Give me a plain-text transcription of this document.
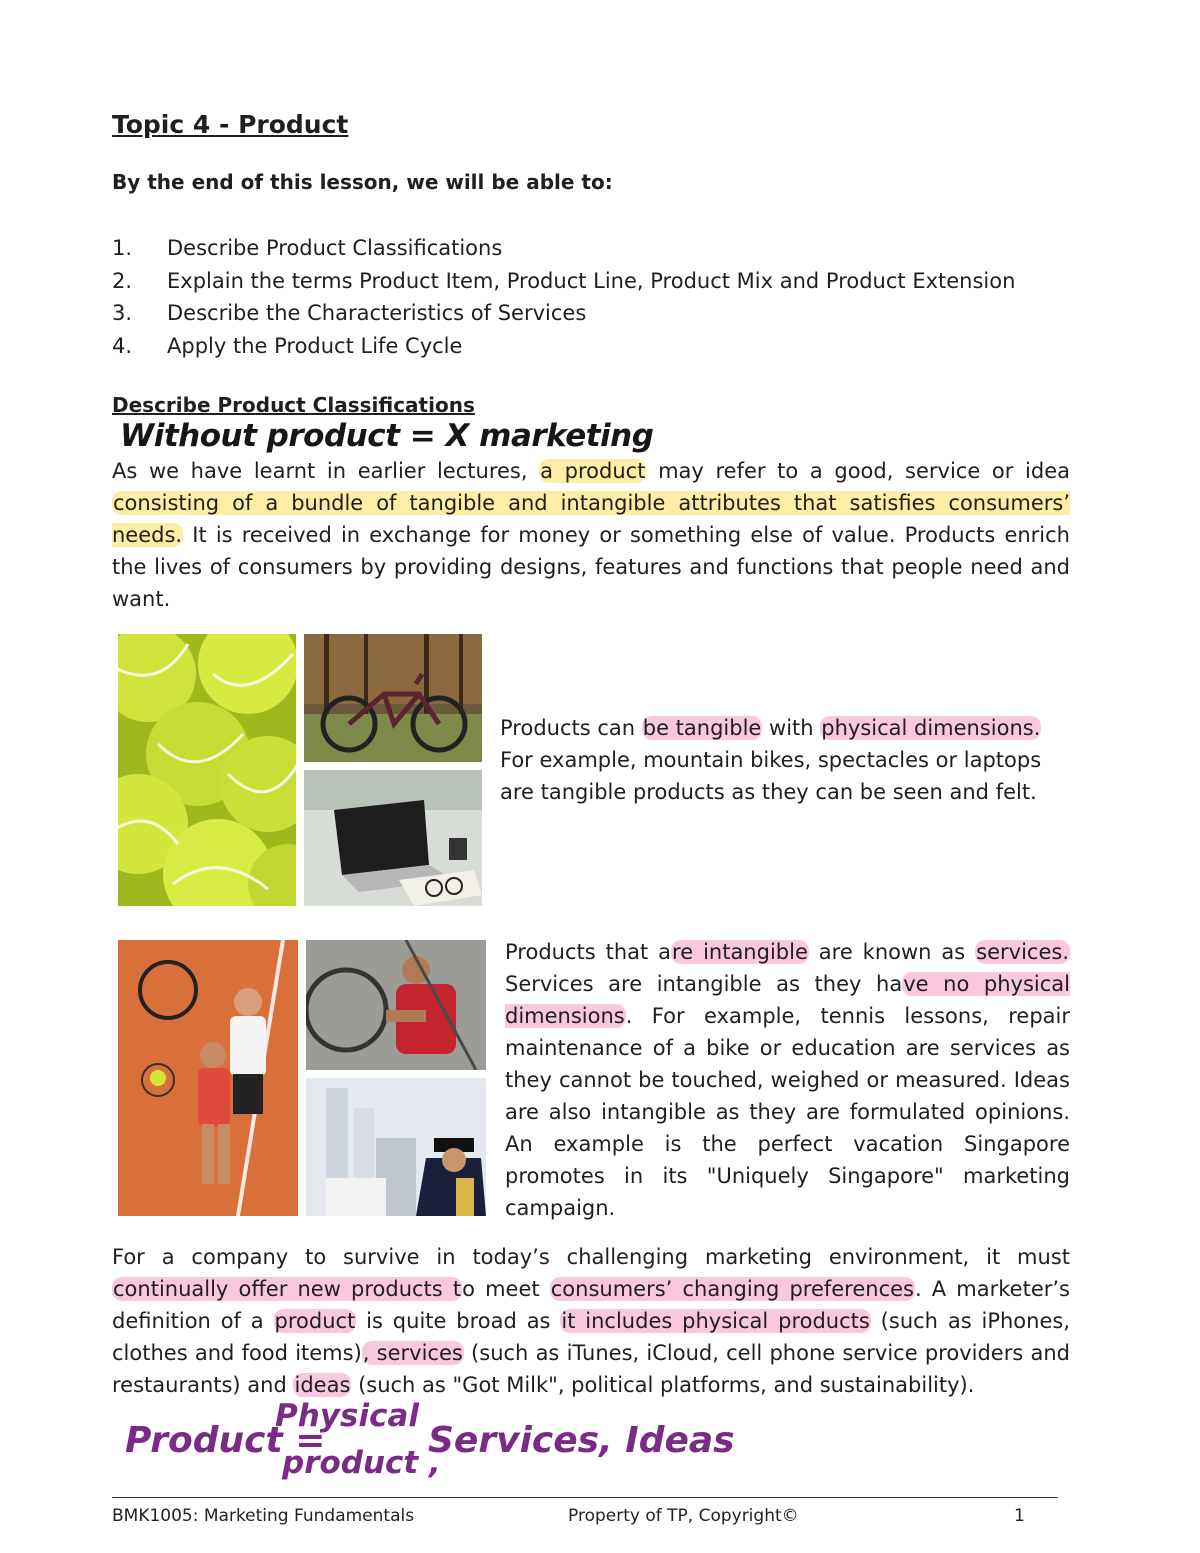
Topic 4 - Product
By the end of this lesson, we will be able to:
1.	Describe Product Classifications
2.	Explain the terms Product Item, Product Line, Product Mix and Product Extension
3.	Describe the Characteristics of Services
4.	Apply the Product Life Cycle
Describe Product Classifications
Without product = X marketing
As we have learnt in earlier lectures, a product may refer to a good, service or idea consisting of a bundle of tangible and intangible attributes that satisfies consumers’ needs. It is received in exchange for money or something else of value. Products enrich the lives of consumers by providing designs, features and functions that people need and want.
Products can be tangible with physical dimensions. For example, mountain bikes, spectacles or laptops are tangible products as they can be seen and felt.
Products that are intangible are known as services. Services are intangible as they have no physical dimensions. For example, tennis lessons, repair maintenance of a bike or education are services as they cannot be touched, weighed or measured. Ideas are also intangible as they are formulated opinions. An example is the perfect vacation Singapore promotes in its "Uniquely Singapore" marketing campaign.
For a company to survive in today’s challenging marketing environment, it must continually offer new products to meet consumers’ changing preferences. A marketer’s definition of a product is quite broad as it includes physical products (such as iPhones, clothes and food items), services (such as iTunes, iCloud, cell phone service providers and restaurants) and ideas (such as "Got Milk", political platforms, and sustainability).
Product =
Physical
product ,
Services, Ideas
BMK1005: Marketing Fundamentals	Property of TP, Copyright©	1
